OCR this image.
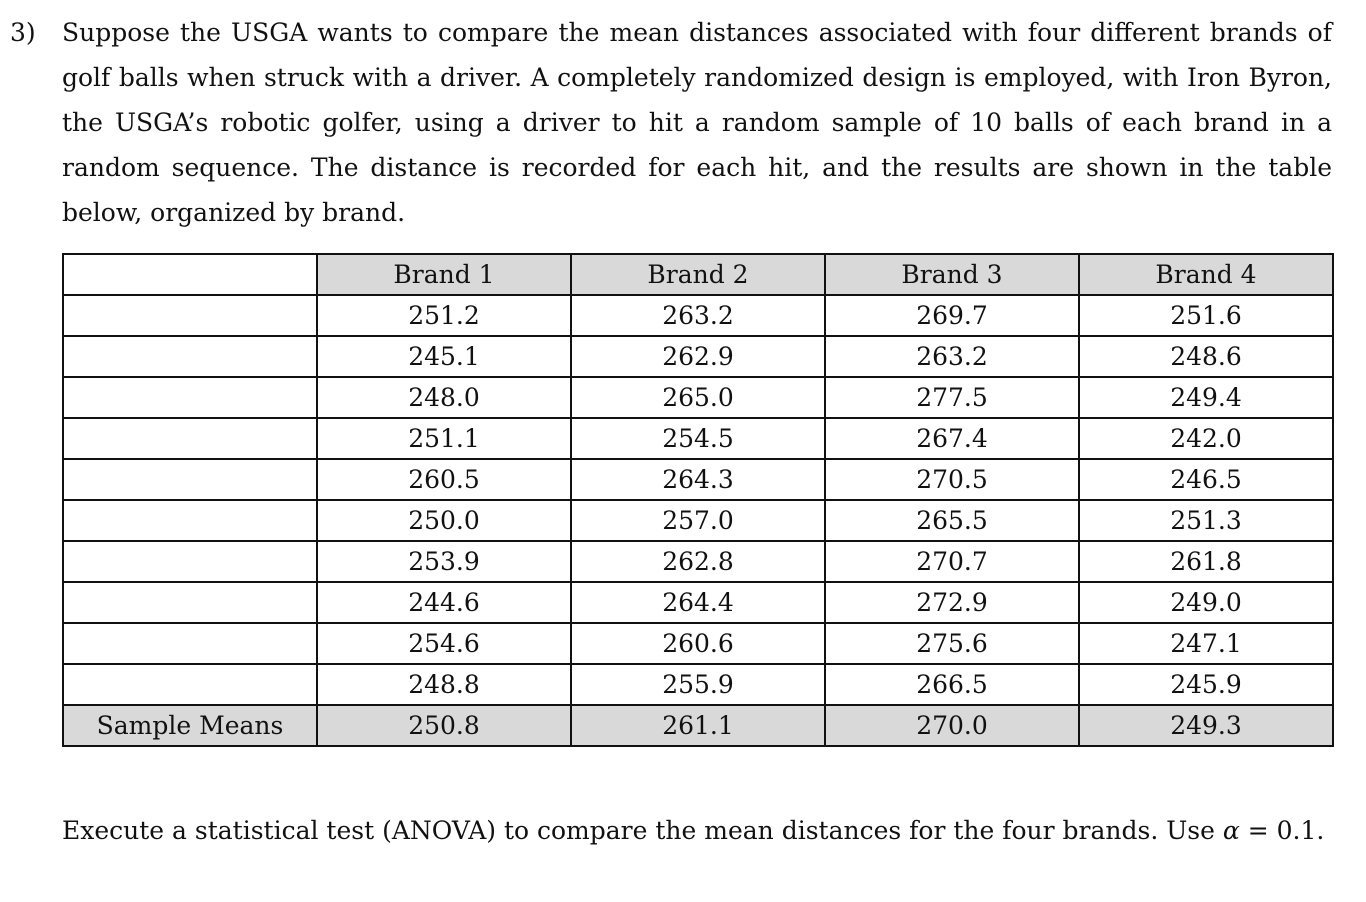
3) Suppose the USGA wants to compare the mean distances associated with four different brands of golf balls when struck with a driver. A completely randomized design is employed, with Iron Byron, the USGA’s robotic golfer, using a driver to hit a random sample of 10 balls of each brand in a random sequence. The distance is recorded for each hit, and the results are shown in the table below, organized by brand.
	Brand 1	Brand 2	Brand 3	Brand 4
	251.2	263.2	269.7	251.6
	245.1	262.9	263.2	248.6
	248.0	265.0	277.5	249.4
	251.1	254.5	267.4	242.0
	260.5	264.3	270.5	246.5
	250.0	257.0	265.5	251.3
	253.9	262.8	270.7	261.8
	244.6	264.4	272.9	249.0
	254.6	260.6	275.6	247.1
	248.8	255.9	266.5	245.9
Sample Means	250.8	261.1	270.0	249.3
Execute a statistical test (ANOVA) to compare the mean distances for the four brands. Use α = 0.1.
